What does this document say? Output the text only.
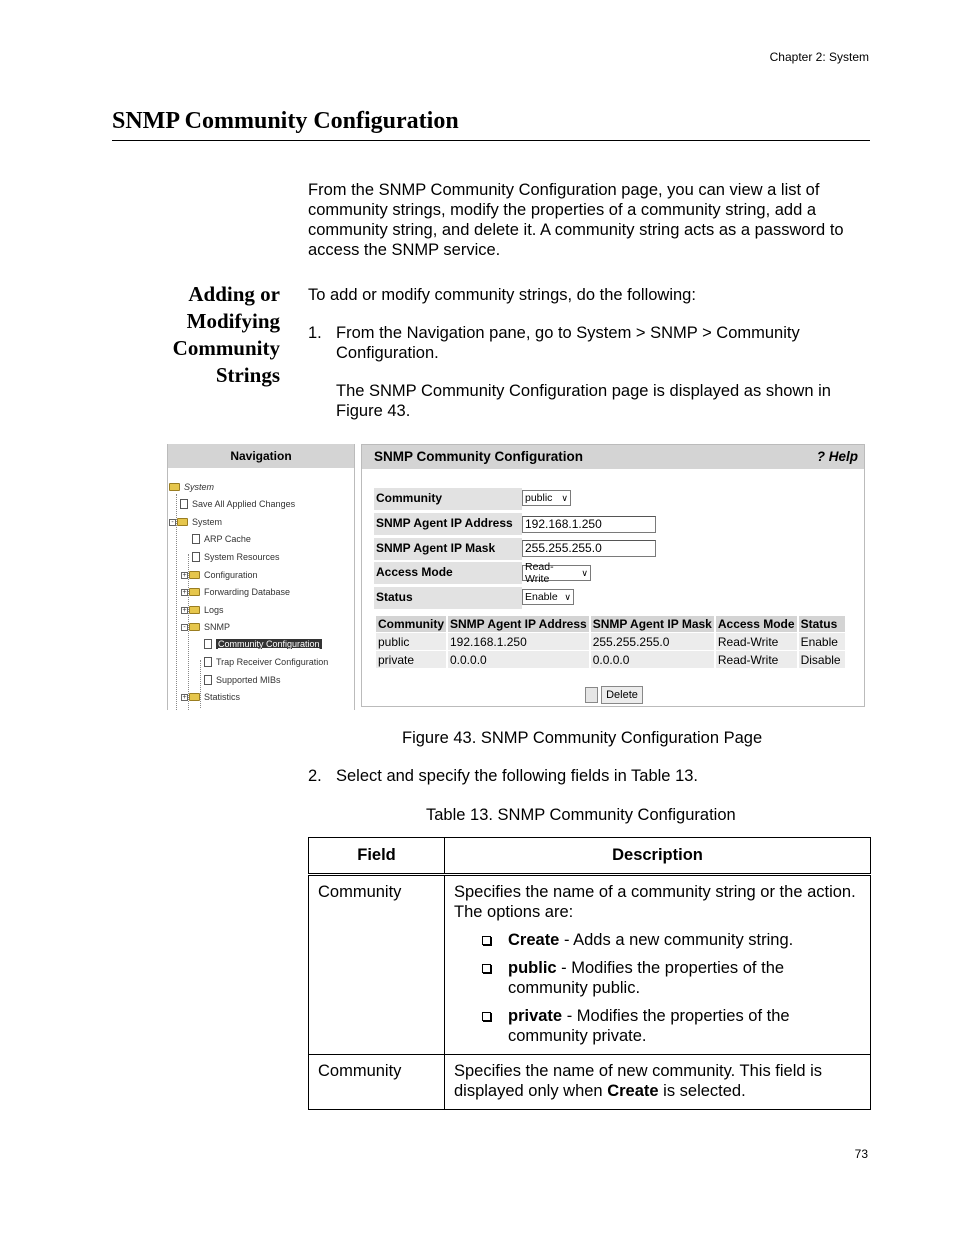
Chapter 2: System
SNMP Community Configuration

From the SNMP Community Configuration page, you can view a list of community strings, modify the properties of a community string, add a community string, and delete it. A community string acts as a password to access the SNMP service.

Adding or
Modifying
Community
Strings

To add or modify community strings, do the following:

1. From the Navigation pane, go to System > SNMP > Community Configuration.

The SNMP Community Configuration page is displayed as shown in Figure 43.

Navigation
System
Save All Applied Changes
- System
ARP Cache
System Resources
+ Configuration
+ Forwarding Database
+ Logs
- SNMP
Community Configuration
Trap Receiver Configuration
Supported MIBs
+ Statistics
SNMP Community Configuration	? Help
Community	public ∨
SNMP Agent IP Address	192.168.1.250
SNMP Agent IP Mask	255.255.255.0
Access Mode	Read-Write
∨
Status	Enable ∨
Community	SNMP Agent IP Address	SNMP Agent IP Mask	Access Mode	Status
public	192.168.1.250	255.255.255.0	Read-Write	Enable
private	0.0.0.0	0.0.0.0	Read-Write	Disable
Delete
Figure 43. SNMP Community Configuration Page
2. Select and specify the following fields in Table 13.

Table 13. SNMP Community Configuration
Field	Description
Community	Specifies the name of a community string or the action. The options are:
Create - Adds a new community string.
public - Modifies the properties of the community public.
private - Modifies the properties of the community private.

Community	Specifies the name of new community. This field is displayed only when Create is selected.
73
